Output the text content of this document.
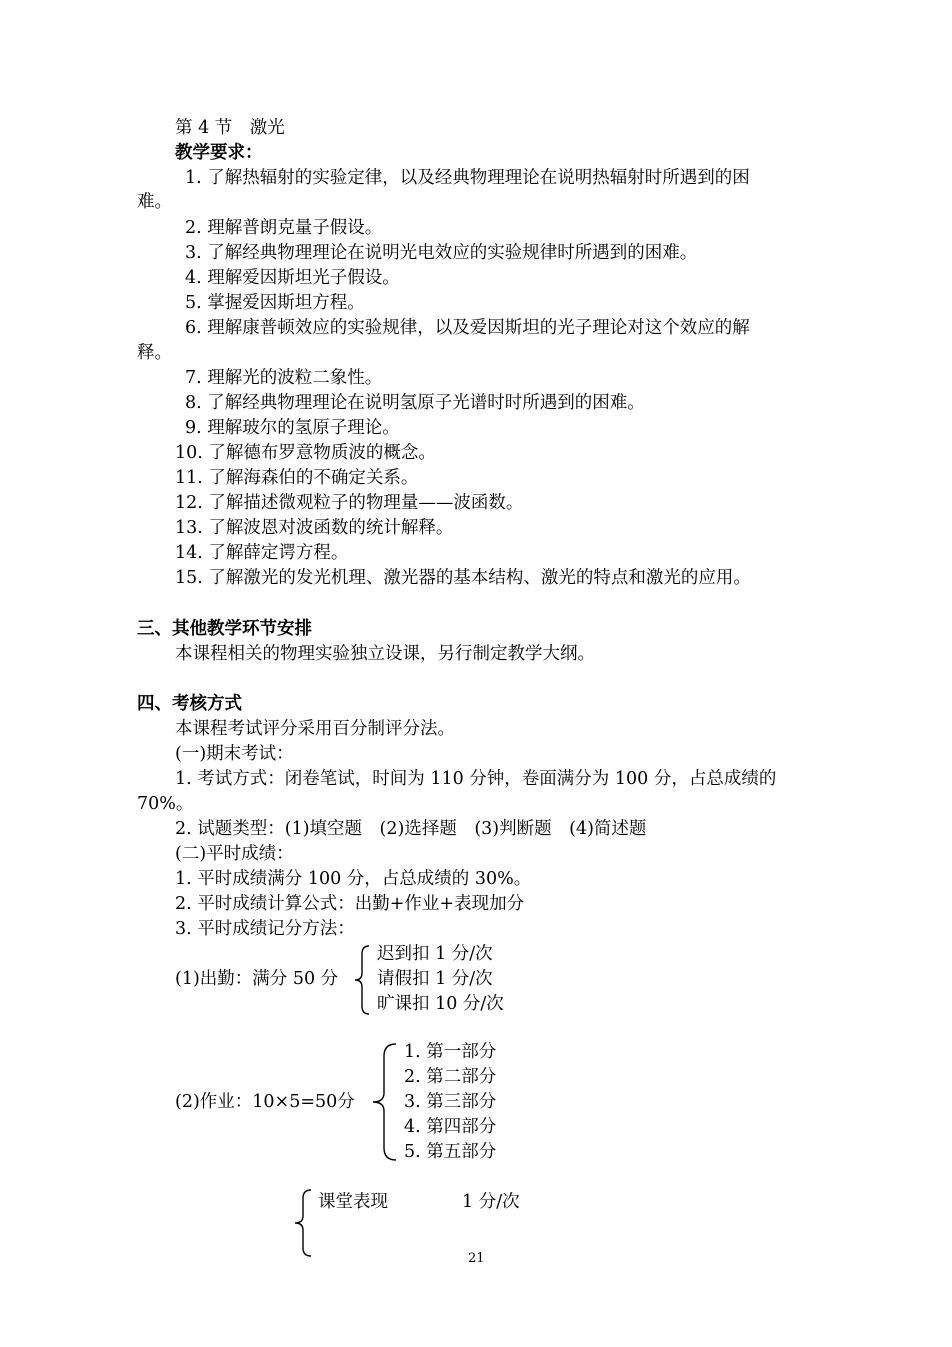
第 4 节　激光
教学要求：
1. 了解热辐射的实验定律，以及经典物理理论在说明热辐射时所遇到的困
难。
2. 理解普朗克量子假设。
3. 了解经典物理理论在说明光电效应的实验规律时所遇到的困难。
4. 理解爱因斯坦光子假设。
5. 掌握爱因斯坦方程。
6. 理解康普顿效应的实验规律，以及爱因斯坦的光子理论对这个效应的解
释。
7. 理解光的波粒二象性。
8. 了解经典物理理论在说明氢原子光谱时时所遇到的困难。
9. 理解玻尔的氢原子理论。
10. 了解德布罗意物质波的概念。
11. 了解海森伯的不确定关系。
12. 了解描述微观粒子的物理量——波函数。
13. 了解波恩对波函数的统计解释。
14. 了解薛定谔方程。
15. 了解激光的发光机理、激光器的基本结构、激光的特点和激光的应用。
三、其他教学环节安排
本课程相关的物理实验独立设课，另行制定教学大纲。
四、考核方式
本课程考试评分采用百分制评分法。
(一)期末考试：
1. 考试方式：闭卷笔试，时间为 110 分钟，卷面满分为 100 分，占总成绩的
70%。
2. 试题类型：(1)填空题　(2)选择题　(3)判断题　(4)简述题
(二)平时成绩：
1. 平时成绩满分 100 分，占总成绩的 30%。
2. 平时成绩计算公式：出勤+作业+表现加分
3. 平时成绩记分方法：
(1)出勤：满分 50 分
迟到扣 1 分/次
请假扣 1 分/次
旷课扣 10 分/次
(2)作业：10×5=50分
1. 第一部分
2. 第二部分
3. 第三部分
4. 第四部分
5. 第五部分
课堂表现	1 分/次
21
